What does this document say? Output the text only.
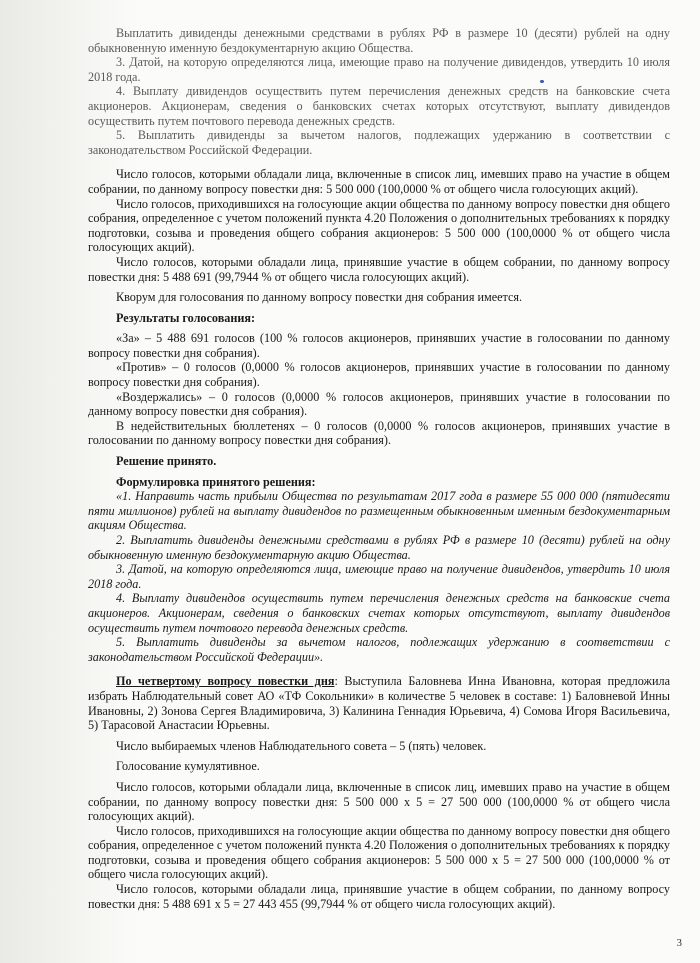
Выплатить дивиденды денежными средствами в рублях РФ в размере 10 (десяти) рублей на одну обыкновенную именную бездокументарную акцию Общества.

3. Датой, на которую определяются лица, имеющие право на получение дивидендов, утвердить 10 июля 2018 года.

4. Выплату дивидендов осуществить путем перечисления денежных средств на банковские счета акционеров. Акционерам, сведения о банковских счетах которых отсутствуют, выплату дивидендов осуществить путем почтового перевода денежных средств.

5. Выплатить дивиденды за вычетом налогов, подлежащих удержанию в соответствии с законодательством Российской Федерации.

Число голосов, которыми обладали лица, включенные в список лиц, имевших право на участие в общем собрании, по данному вопросу повестки дня: 5 500 000 (100,0000 % от общего числа голосующих акций).

Число голосов, приходившихся на голосующие акции общества по данному вопросу повестки дня общего собрания, определенное с учетом положений пункта 4.20 Положения о дополнительных требованиях к порядку подготовки, созыва и проведения общего собрания акционеров: 5 500 000 (100,0000 % от общего числа голосующих акций).

Число голосов, которыми обладали лица, принявшие участие в общем собрании, по данному вопросу повестки дня: 5 488 691 (99,7944 % от общего числа голосующих акций).

Кворум для голосования по данному вопросу повестки дня собрания имеется.

Результаты голосования:

«За» – 5 488 691 голосов (100 % голосов акционеров, принявших участие в голосовании по данному вопросу повестки дня собрания).

«Против» – 0 голосов (0,0000 % голосов акционеров, принявших участие в голосовании по данному вопросу повестки дня собрания).

«Воздержались» – 0 голосов (0,0000 % голосов акционеров, принявших участие в голосовании по данному вопросу повестки дня собрания).

В недействительных бюллетенях – 0 голосов (0,0000 % голосов акционеров, принявших участие в голосовании по данному вопросу повестки дня собрания).

Решение принято.

Формулировка принятого решения:

«1. Направить часть прибыли Общества по результатам 2017 года в размере 55 000 000 (пятидесяти пяти миллионов) рублей на выплату дивидендов по размещенным обыкновенным именным бездокументарным акциям Общества.

2. Выплатить дивиденды денежными средствами в рублях РФ в размере 10 (десяти) рублей на одну обыкновенную именную бездокументарную акцию Общества.

3. Датой, на которую определяются лица, имеющие право на получение дивидендов, утвердить 10 июля 2018 года.

4. Выплату дивидендов осуществить путем перечисления денежных средств на банковские счета акционеров. Акционерам, сведения о банковских счетах которых отсутствуют, выплату дивидендов осуществить путем почтового перевода денежных средств.

5. Выплатить дивиденды за вычетом налогов, подлежащих удержанию в соответствии с законодательством Российской Федерации».

По четвертому вопросу повестки дня: Выступила Баловнева Инна Ивановна, которая предложила избрать Наблюдательный совет АО «ТФ Сокольники» в количестве 5 человек в составе: 1) Баловневой Инны Ивановны, 2) Зонова Сергея Владимировича, 3) Калинина Геннадия Юрьевича, 4) Сомова Игоря Васильевича, 5) Тарасовой Анастасии Юрьевны.

Число выбираемых членов Наблюдательного совета – 5 (пять) человек.

Голосование кумулятивное.

Число голосов, которыми обладали лица, включенные в список лиц, имевших право на участие в общем собрании, по данному вопросу повестки дня: 5 500 000 х 5 = 27 500 000 (100,0000 % от общего числа голосующих акций).

Число голосов, приходившихся на голосующие акции общества по данному вопросу повестки дня общего собрания, определенное с учетом положений пункта 4.20 Положения о дополнительных требованиях к порядку подготовки, созыва и проведения общего собрания акционеров: 5 500 000 х 5 = 27 500 000 (100,0000 % от общего числа голосующих акций).

Число голосов, которыми обладали лица, принявшие участие в общем собрании, по данному вопросу повестки дня: 5 488 691 х 5 = 27 443 455 (99,7944 % от общего числа голосующих акций).

3
